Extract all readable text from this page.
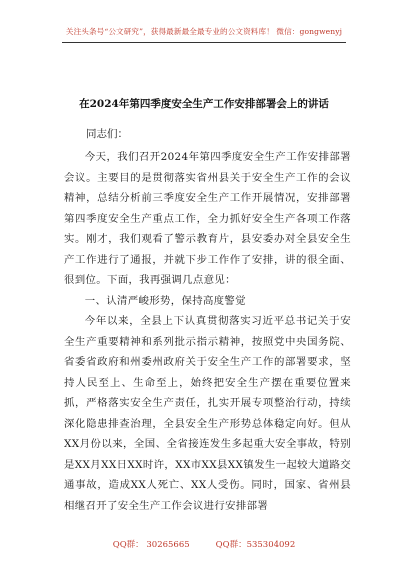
关注头条号“公文研究”，获得最新最全最专业的公文资料库！ 微信：gongwenyj
在2024年第四季度安全生产工作安排部署会上的讲话
同志们：

今天，我们召开2024年第四季度安全生产工作安排部署会议。主要目的是贯彻落实省州县关于安全生产工作的会议精神，总结分析前三季度安全生产工作开展情况，安排部署第四季度安全生产重点工作，全力抓好安全生产各项工作落实。刚才，我们观看了警示教育片，县安委办对全县安全生产工作进行了通报，并就下步工作作了安排，讲的很全面、很到位。下面，我再强调几点意见：

一、认清严峻形势，保持高度警觉

今年以来，全县上下认真贯彻落实习近平总书记关于安全生产重要精神和系列批示指示精神，按照党中央国务院、省委省政府和州委州政府关于安全生产工作的部署要求，坚持人民至上、生命至上，始终把安全生产摆在重要位置来抓，严格落实安全生产责任，扎实开展专项整治行动，持续深化隐患排查治理，全县安全生产形势总体稳定向好。但从XX月份以来，全国、全省接连发生多起重大安全事故，特别是XX月XX日XX时许，XX市XX县XX镇发生一起较大道路交通事故，造成XX人死亡、XX人受伤。同时，国家、省州县相继召开了安全生产工作会议进行安排部署

QQ群： 30265665	QQ群：535304092
